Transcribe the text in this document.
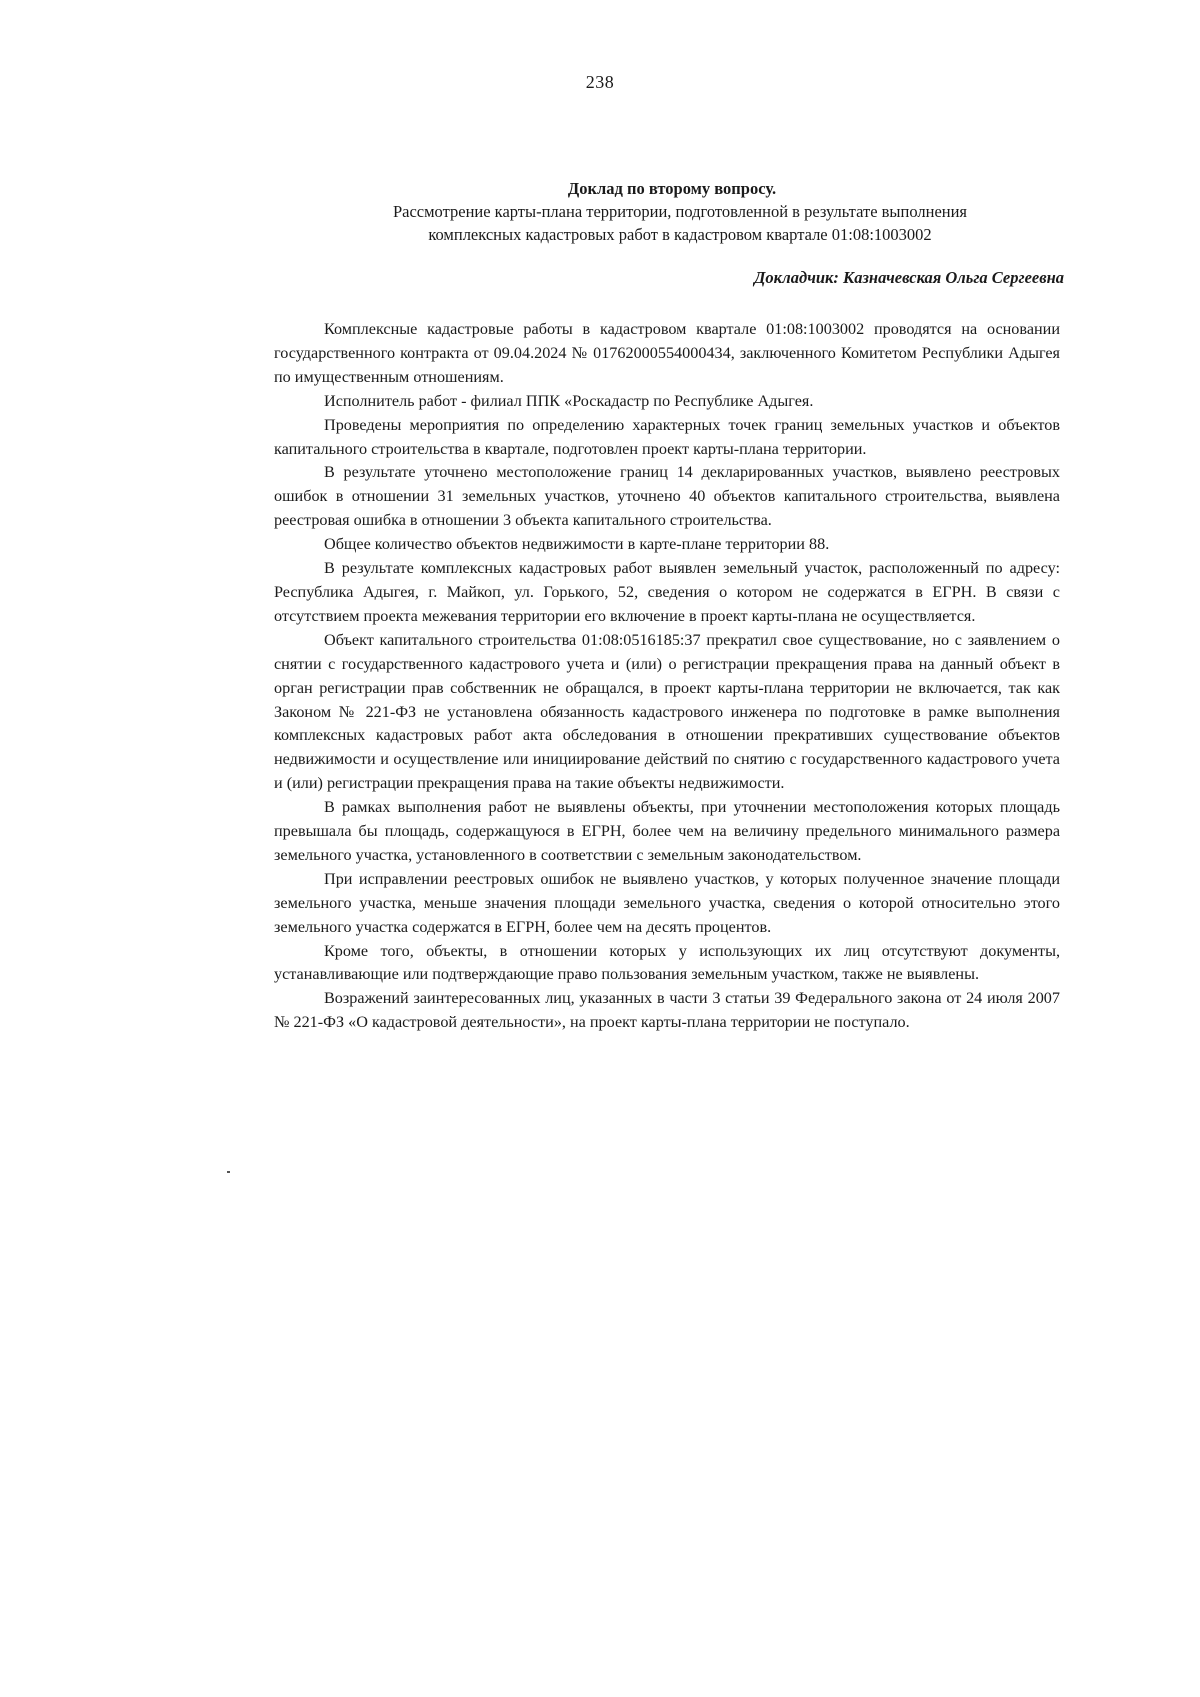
238
Доклад по второму вопросу.
Рассмотрение карты-плана территории, подготовленной в результате выполнения
комплексных кадастровых работ в кадастровом квартале 01:08:1003002
Докладчик: Казначевская Ольга Сергеевна

Комплексные кадастровые работы в кадастровом квартале 01:08:1003002 проводятся на основании государственного контракта от 09.04.2024 № 01762000554000434, заключенного Комитетом Республики Адыгея по имущественным отношениям.

Исполнитель работ - филиал ППК «Роскадастр по Республике Адыгея.

Проведены мероприятия по определению характерных точек границ земельных участков и объектов капитального строительства в квартале, подготовлен проект карты-плана территории.

В результате уточнено местоположение границ 14 декларированных участков, выявлено реестровых ошибок в отношении 31 земельных участков, уточнено 40 объектов капитального строительства, выявлена реестровая ошибка в отношении 3 объекта капитального строительства.

Общее количество объектов недвижимости в карте-плане территории 88.

В результате комплексных кадастровых работ выявлен земельный участок, расположенный по адресу: Республика Адыгея, г. Майкоп, ул. Горького, 52, сведения о котором не содержатся в ЕГРН. В связи с отсутствием проекта межевания территории его включение в проект карты-плана не осуществляется.

Объект капитального строительства 01:08:0516185:37 прекратил свое существование, но с заявлением о снятии с государственного кадастрового учета и (или) о регистрации прекращения права на данный объект в орган регистрации прав собственник не обращался, в проект карты-плана территории не включается, так как Законом № 221-ФЗ не установлена обязанность кадастрового инженера по подготовке в рамке выполнения комплексных кадастровых работ акта обследования в отношении прекративших существование объектов недвижимости и осуществление или инициирование действий по снятию с государственного кадастрового учета и (или) регистрации прекращения права на такие объекты недвижимости.

В рамках выполнения работ не выявлены объекты, при уточнении местоположения которых площадь превышала бы площадь, содержащуюся в ЕГРН, более чем на величину предельного минимального размера земельного участка, установленного в соответствии с земельным законодательством.

При исправлении реестровых ошибок не выявлено участков, у которых полученное значение площади земельного участка, меньше значения площади земельного участка, сведения о которой относительно этого земельного участка содержатся в ЕГРН, более чем на десять процентов.

Кроме того, объекты, в отношении которых у использующих их лиц отсутствуют документы, устанавливающие или подтверждающие право пользования земельным участком, также не выявлены.

Возражений заинтересованных лиц, указанных в части 3 статьи 39 Федерального закона от 24 июля 2007 № 221-ФЗ «О кадастровой деятельности», на проект карты-плана территории не поступало.
